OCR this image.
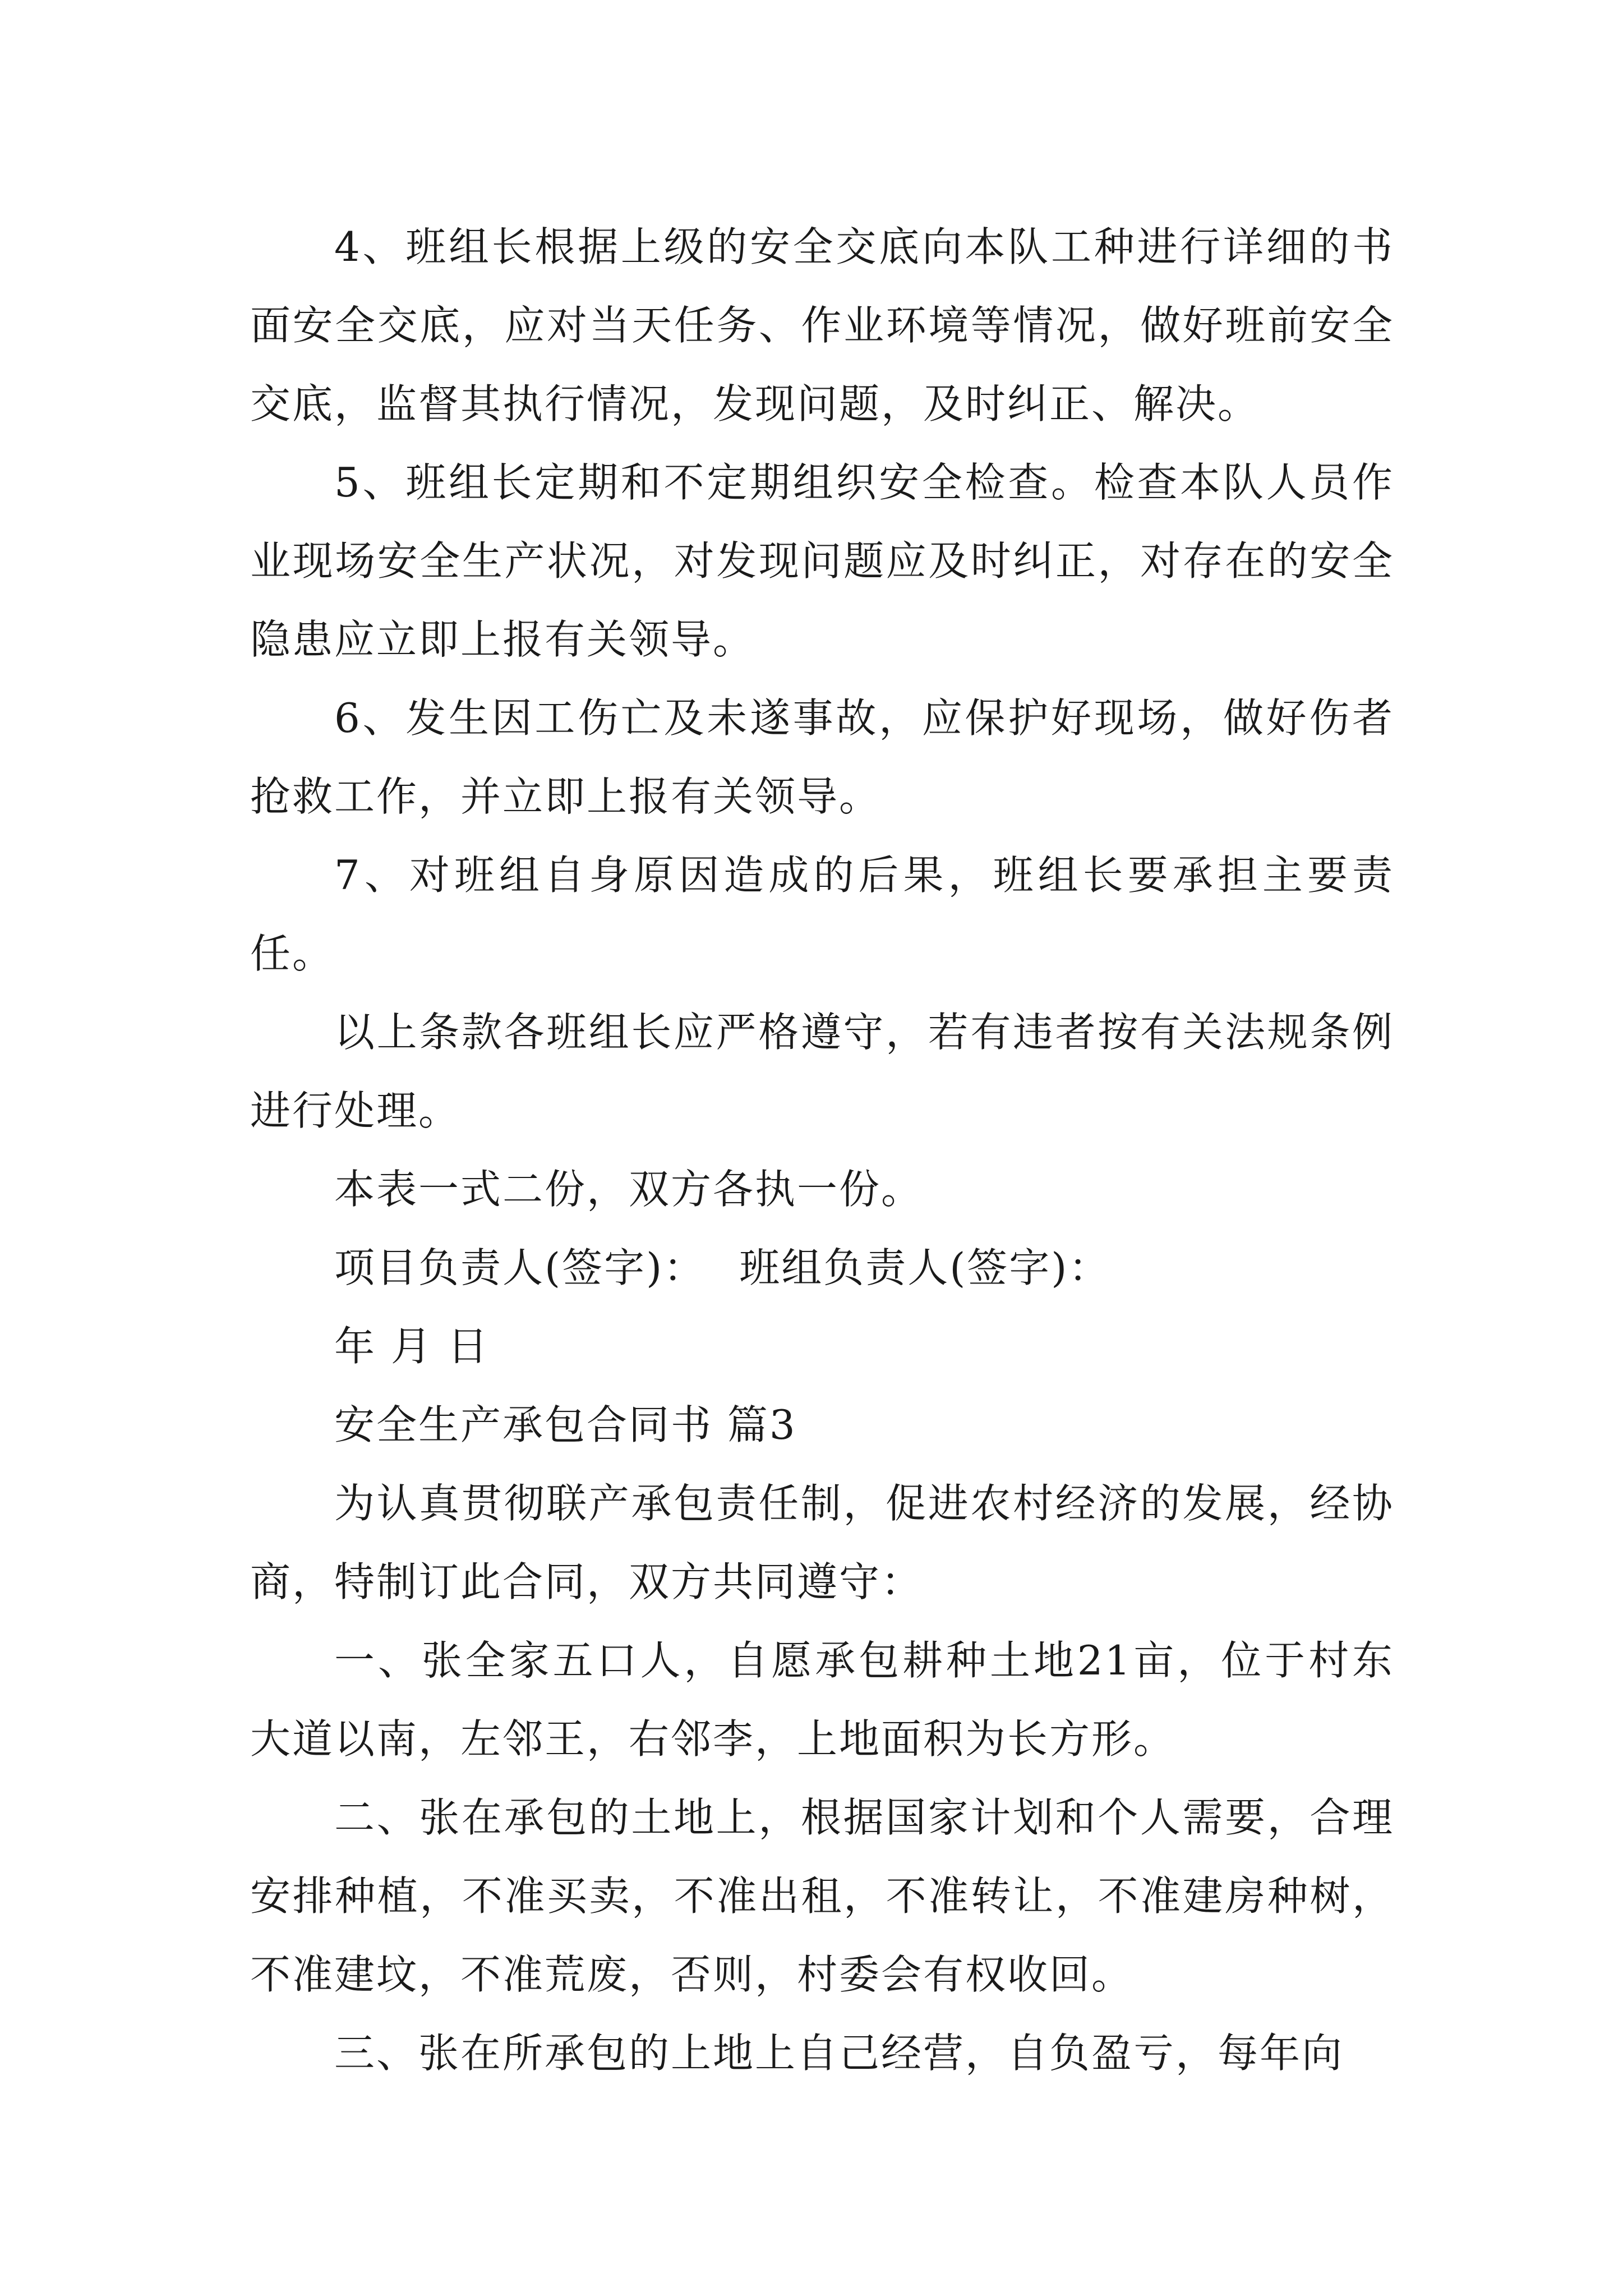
4、班组长根据上级的安全交底向本队工种进行详细的书面安全交底，应对当天任务、作业环境等情况，做好班前安全交底，监督其执行情况，发现问题，及时纠正、解决。

5、班组长定期和不定期组织安全检查。检查本队人员作业现场安全生产状况，对发现问题应及时纠正，对存在的安全隐患应立即上报有关领导。

6、发生因工伤亡及未遂事故，应保护好现场，做好伤者抢救工作，并立即上报有关领导。

7、对班组自身原因造成的后果，班组长要承担主要责任。

以上条款各班组长应严格遵守，若有违者按有关法规条例进行处理。

本表一式二份，双方各执一份。

项目负责人(签字)： 班组负责人(签字)：

年 月 日

安全生产承包合同书 篇3

为认真贯彻联产承包责任制，促进农村经济的发展，经协商，特制订此合同，双方共同遵守：

一、张全家五口人，自愿承包耕种土地21亩，位于村东大道以南，左邻王，右邻李，上地面积为长方形。

二、张在承包的土地上，根据国家计划和个人需要，合理安排种植，不准买卖，不准出租，不准转让，不准建房种树，不准建坟，不准荒废，否则，村委会有权收回。

三、张在所承包的上地上自己经营，自负盈亏，每年向
